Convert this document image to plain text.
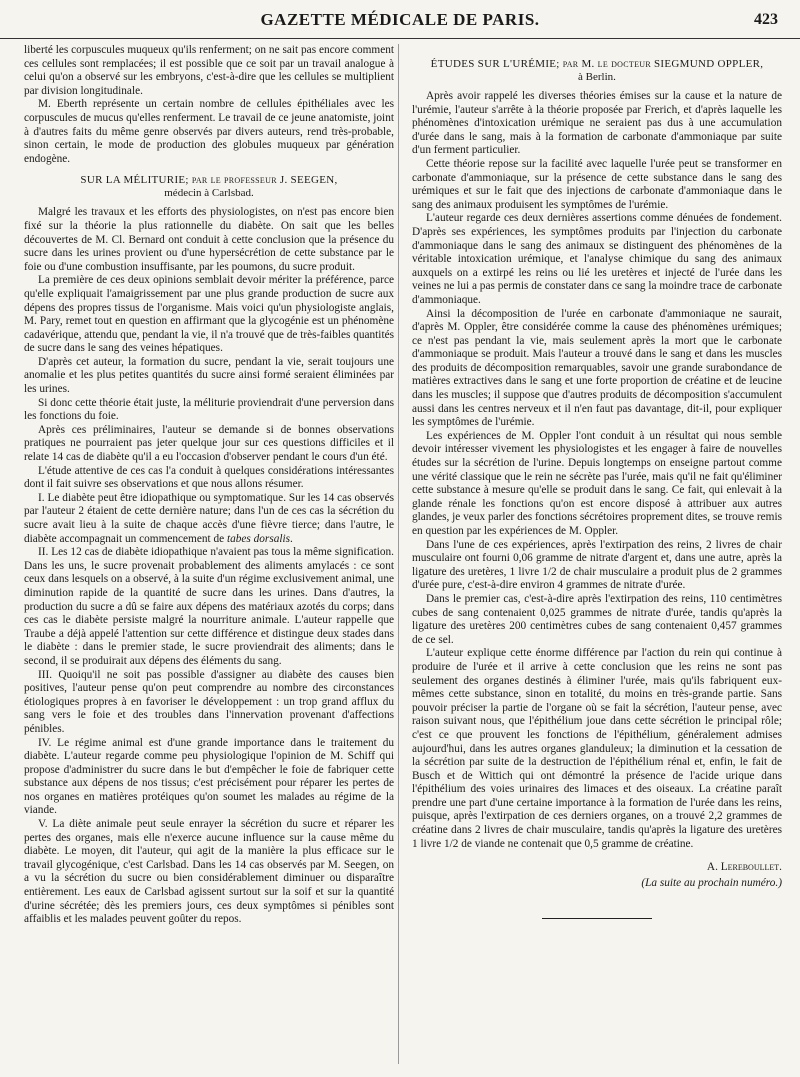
GAZETTE MÉDICALE DE PARIS.	423

liberté les corpuscules muqueux qu'ils renferment; on ne sait pas encore comment ces cellules sont remplacées; il est possible que ce soit par un travail analogue à celui qu'on a observé sur les embryons, c'est-à-dire que les cellules se multiplient par division longitudinale.

M. Eberth représente un certain nombre de cellules épithéliales avec les corpuscules de mucus qu'elles renferment. Le travail de ce jeune anatomiste, joint à d'autres faits du même genre observés par divers auteurs, rend très-probable, sinon certain, le mode de production des globules muqueux par génération endogène.

SUR LA MÉLITURIE; par le professeur J. SEEGEN,
médecin à Carlsbad.

Malgré les travaux et les efforts des physiologistes, on n'est pas encore bien fixé sur la théorie la plus rationnelle du diabète. On sait que les belles découvertes de M. Cl. Bernard ont conduit à cette conclusion que la présence du sucre dans les urines provient ou d'une hypersécrétion de cette substance par le foie ou d'une combustion insuffisante, par les poumons, du sucre produit.

La première de ces deux opinions semblait devoir mériter la préférence, parce qu'elle expliquait l'amaigrissement par une plus grande production de sucre aux dépens des propres tissus de l'organisme. Mais voici qu'un physiologiste anglais, M. Pary, remet tout en question en affirmant que la glycogénie est un phénomène cadavérique, attendu que, pendant la vie, il n'a trouvé que de très-faibles quantités de sucre dans le sang des veines hépatiques.

D'après cet auteur, la formation du sucre, pendant la vie, serait toujours une anomalie et les plus petites quantités du sucre ainsi formé seraient éliminées par les urines.

Si donc cette théorie était juste, la méliturie proviendrait d'une perversion dans les fonctions du foie.

Après ces préliminaires, l'auteur se demande si de bonnes observations pratiques ne pourraient pas jeter quelque jour sur ces questions difficiles et il relate 14 cas de diabète qu'il a eu l'occasion d'observer pendant le cours d'un été.

L'étude attentive de ces cas l'a conduit à quelques considérations intéressantes dont il fait suivre ses observations et que nous allons résumer.

I. Le diabète peut être idiopathique ou symptomatique. Sur les 14 cas observés par l'auteur 2 étaient de cette dernière nature; dans l'un de ces cas la sécrétion du sucre avait lieu à la suite de chaque accès d'une fièvre tierce; dans l'autre, le diabète accompagnait un commencement de tabes dorsalis.

II. Les 12 cas de diabète idiopathique n'avaient pas tous la même signification. Dans les uns, le sucre provenait probablement des aliments amylacés : ce sont ceux dans lesquels on a observé, à la suite d'un régime exclusivement animal, une diminution rapide de la quantité de sucre dans les urines. Dans d'autres, la production du sucre a dû se faire aux dépens des matériaux azotés du corps; dans ces cas le diabète persiste malgré la nourriture animale. L'auteur rappelle que Traube a déjà appelé l'attention sur cette différence et distingue deux stades dans le diabète : dans le premier stade, le sucre proviendrait des aliments; dans le second, il se produirait aux dépens des éléments du sang.

III. Quoiqu'il ne soit pas possible d'assigner au diabète des causes bien positives, l'auteur pense qu'on peut comprendre au nombre des circonstances étiologiques propres à en favoriser le développement : un trop grand afflux du sang vers le foie et des troubles dans l'innervation provenant d'affections pénibles.

IV. Le régime animal est d'une grande importance dans le traitement du diabète. L'auteur regarde comme peu physiologique l'opinion de M. Schiff qui propose d'administrer du sucre dans le but d'empêcher le foie de fabriquer cette substance aux dépens de nos tissus; c'est précisément pour réparer les pertes de nos organes en matières protéiques qu'on soumet les malades au régime de la viande.

V. La diète animale peut seule enrayer la sécrétion du sucre et réparer les pertes des organes, mais elle n'exerce aucune influence sur la cause même du diabète. Le moyen, dit l'auteur, qui agit de la manière la plus efficace sur le travail glycogénique, c'est Carlsbad. Dans les 14 cas observés par M. Seegen, on a vu la sécrétion du sucre ou bien considérablement diminuer ou disparaître entièrement. Les eaux de Carlsbad agissent surtout sur la soif et sur la quantité d'urine sécrétée; dès les premiers jours, ces deux symptômes si pénibles sont affaiblis et les malades peuvent goûter du repos.

ÉTUDES SUR L'URÉMIE; par M. le docteur SIEGMUND OPPLER,
à Berlin.

Après avoir rappelé les diverses théories émises sur la cause et la nature de l'urémie, l'auteur s'arrête à la théorie proposée par Frerich, et d'après laquelle les phénomènes d'intoxication urémique ne seraient pas dus à une accumulation d'urée dans le sang, mais à la formation de carbonate d'ammoniaque par suite d'un ferment particulier.

Cette théorie repose sur la facilité avec laquelle l'urée peut se transformer en carbonate d'ammoniaque, sur la présence de cette substance dans le sang des urémiques et sur le fait que des injections de carbonate d'ammoniaque dans le sang des animaux produisent les symptômes de l'urémie.

L'auteur regarde ces deux dernières assertions comme dénuées de fondement. D'après ses expériences, les symptômes produits par l'injection du carbonate d'ammoniaque dans le sang des animaux se distinguent des phénomènes de la véritable intoxication urémique, et l'analyse chimique du sang des animaux auxquels on a extirpé les reins ou lié les uretères et injecté de l'urée dans les veines ne lui a pas permis de constater dans ce sang la moindre trace de carbonate d'ammoniaque.

Ainsi la décomposition de l'urée en carbonate d'ammoniaque ne saurait, d'après M. Oppler, être considérée comme la cause des phénomènes urémiques; ce n'est pas pendant la vie, mais seulement après la mort que le carbonate d'ammoniaque se produit. Mais l'auteur a trouvé dans le sang et dans les muscles des produits de décomposition remarquables, savoir une grande surabondance de matières extractives dans le sang et une forte proportion de créatine et de leucine dans les muscles; il suppose que d'autres produits de décomposition s'accumulent aussi dans les centres nerveux et il n'en faut pas davantage, dit-il, pour expliquer les symptômes de l'urémie.

Les expériences de M. Oppler l'ont conduit à un résultat qui nous semble devoir intéresser vivement les physiologistes et les engager à faire de nouvelles études sur la sécrétion de l'urine. Depuis longtemps on enseigne partout comme une vérité classique que le rein ne sécrète pas l'urée, mais qu'il ne fait qu'éliminer cette substance à mesure qu'elle se produit dans le sang. Ce fait, qui enlevait à la glande rénale les fonctions qu'on est encore disposé à attribuer aux autres glandes, je veux parler des fonctions sécrétoires proprement dites, se trouve remis en question par les expériences de M. Oppler.

Dans l'une de ces expériences, après l'extirpation des reins, 2 livres de chair musculaire ont fourni 0,06 gramme de nitrate d'argent et, dans une autre, après la ligature des uretères, 1 livre 1/2 de chair musculaire a produit plus de 2 grammes d'urée pure, c'est-à-dire environ 4 grammes de nitrate d'urée.

Dans le premier cas, c'est-à-dire après l'extirpation des reins, 110 centimètres cubes de sang contenaient 0,025 grammes de nitrate d'urée, tandis qu'après la ligature des uretères 200 centimètres cubes de sang contenaient 0,457 grammes de ce sel.

L'auteur explique cette énorme différence par l'action du rein qui continue à produire de l'urée et il arrive à cette conclusion que les reins ne sont pas seulement des organes destinés à éliminer l'urée, mais qu'ils fabriquent eux-mêmes cette substance, sinon en totalité, du moins en très-grande partie. Sans pouvoir préciser la partie de l'organe où se fait la sécrétion, l'auteur pense, avec raison suivant nous, que l'épithélium joue dans cette sécrétion le principal rôle; c'est ce que prouvent les fonctions de l'épithélium, généralement admises aujourd'hui, dans les autres organes glanduleux; la diminution et la cessation de la sécrétion par suite de la destruction de l'épithélium rénal et, enfin, le fait de Busch et de Wittich qui ont démontré la présence de l'acide urique dans l'épithélium des voies urinaires des limaces et des oiseaux. La créatine paraît prendre une part d'une certaine importance à la formation de l'urée dans les reins, puisque, après l'extirpation de ces derniers organes, on a trouvé 2,2 grammes de créatine dans 2 livres de chair musculaire, tandis qu'après la ligature des uretères 1 livre 1/2 de viande ne contenait que 0,5 gramme de créatine.

A. Lereboullet.

(La suite au prochain numéro.)
